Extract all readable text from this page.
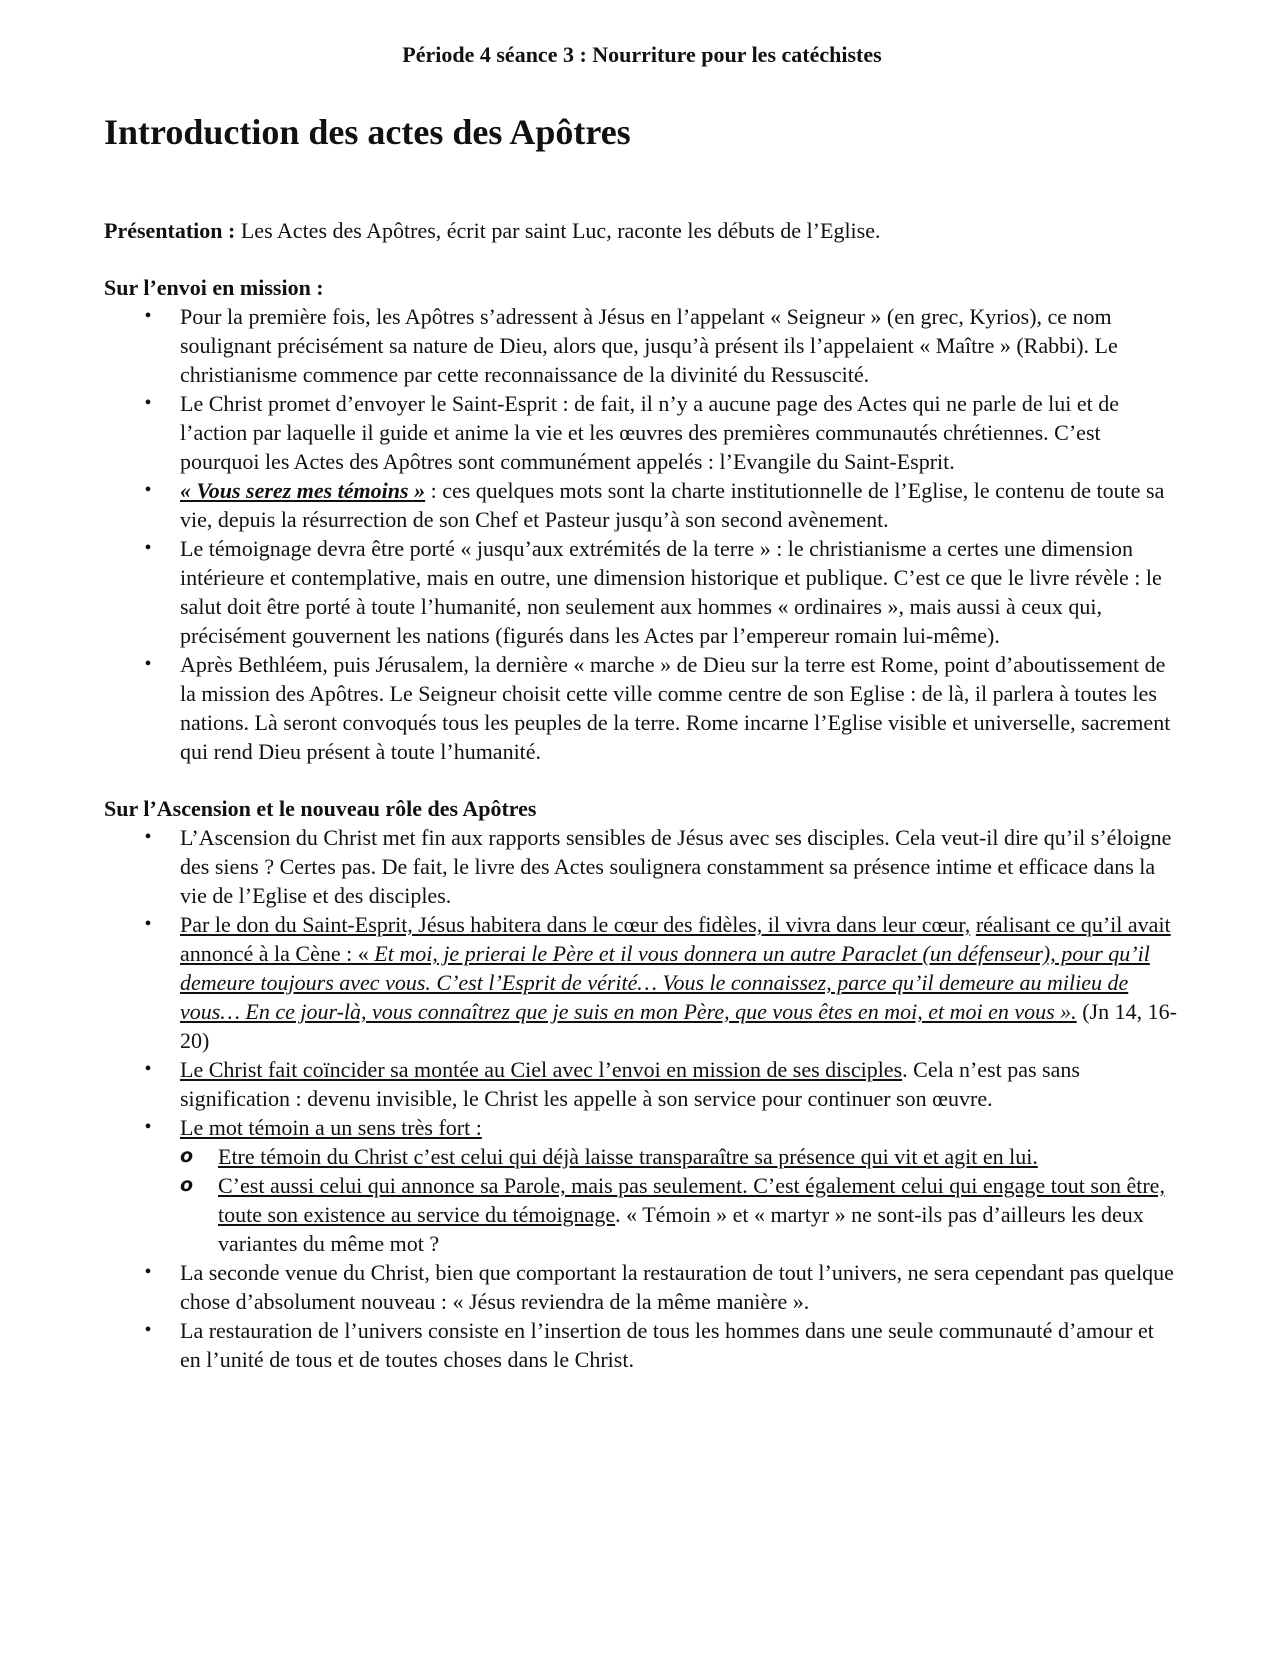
Période 4 séance 3 : Nourriture pour les catéchistes

Introduction des actes des Apôtres

Présentation : Les Actes des Apôtres, écrit par saint Luc, raconte les débuts de l’Eglise.

Sur l’envoi en mission :

• Pour la première fois, les Apôtres s’adressent à Jésus en l’appelant « Seigneur » (en grec, Kyrios), ce nom soulignant précisément sa nature de Dieu, alors que, jusqu’à présent ils l’appelaient « Maître » (Rabbi). Le christianisme commence par cette reconnaissance de la divinité du Ressuscité.
• Le Christ promet d’envoyer le Saint-Esprit : de fait, il n’y a aucune page des Actes qui ne parle de lui et de l’action par laquelle il guide et anime la vie et les œuvres des premières communautés chrétiennes. C’est pourquoi les Actes des Apôtres sont communément appelés : l’Evangile du Saint-Esprit.
• « Vous serez mes témoins » : ces quelques mots sont la charte institutionnelle de l’Eglise, le contenu de toute sa vie, depuis la résurrection de son Chef et Pasteur jusqu’à son second avènement.
• Le témoignage devra être porté « jusqu’aux extrémités de la terre » : le christianisme a certes une dimension intérieure et contemplative, mais en outre, une dimension historique et publique. C’est ce que le livre révèle : le salut doit être porté à toute l’humanité, non seulement aux hommes « ordinaires », mais aussi à ceux qui, précisément gouvernent les nations (figurés dans les Actes par l’empereur romain lui-même).
• Après Bethléem, puis Jérusalem, la dernière « marche » de Dieu sur la terre est Rome, point d’aboutissement de la mission des Apôtres. Le Seigneur choisit cette ville comme centre de son Eglise : de là, il parlera à toutes les nations. Là seront convoqués tous les peuples de la terre. Rome incarne l’Eglise visible et universelle, sacrement qui rend Dieu présent à toute l’humanité.

Sur l’Ascension et le nouveau rôle des Apôtres

• L’Ascension du Christ met fin aux rapports sensibles de Jésus avec ses disciples. Cela veut-il dire qu’il s’éloigne des siens ? Certes pas. De fait, le livre des Actes soulignera constamment sa présence intime et efficace dans la vie de l’Eglise et des disciples.
• Par le don du Saint-Esprit, Jésus habitera dans le cœur des fidèles, il vivra dans leur cœur, réalisant ce qu’il avait annoncé à la Cène : « Et moi, je prierai le Père et il vous donnera un autre Paraclet (un défenseur), pour qu’il demeure toujours avec vous. C’est l’Esprit de vérité… Vous le connaissez, parce qu’il demeure au milieu de vous… En ce jour-là, vous connaîtrez que je suis en mon Père, que vous êtes en moi, et moi en vous ». (Jn 14, 16-20)
• Le Christ fait coïncider sa montée au Ciel avec l’envoi en mission de ses disciples. Cela n’est pas sans signification : devenu invisible, le Christ les appelle à son service pour continuer son œuvre.
• Le mot témoin a un sens très fort :
o Etre témoin du Christ c’est celui qui déjà laisse transparaître sa présence qui vit et agit en lui.
o C’est aussi celui qui annonce sa Parole, mais pas seulement. C’est également celui qui engage tout son être, toute son existence au service du témoignage. « Témoin » et « martyr » ne sont-ils pas d’ailleurs les deux variantes du même mot ?
• La seconde venue du Christ, bien que comportant la restauration de tout l’univers, ne sera cependant pas quelque chose d’absolument nouveau : « Jésus reviendra de la même manière ».
• La restauration de l’univers consiste en l’insertion de tous les hommes dans une seule communauté d’amour et en l’unité de tous et de toutes choses dans le Christ.
